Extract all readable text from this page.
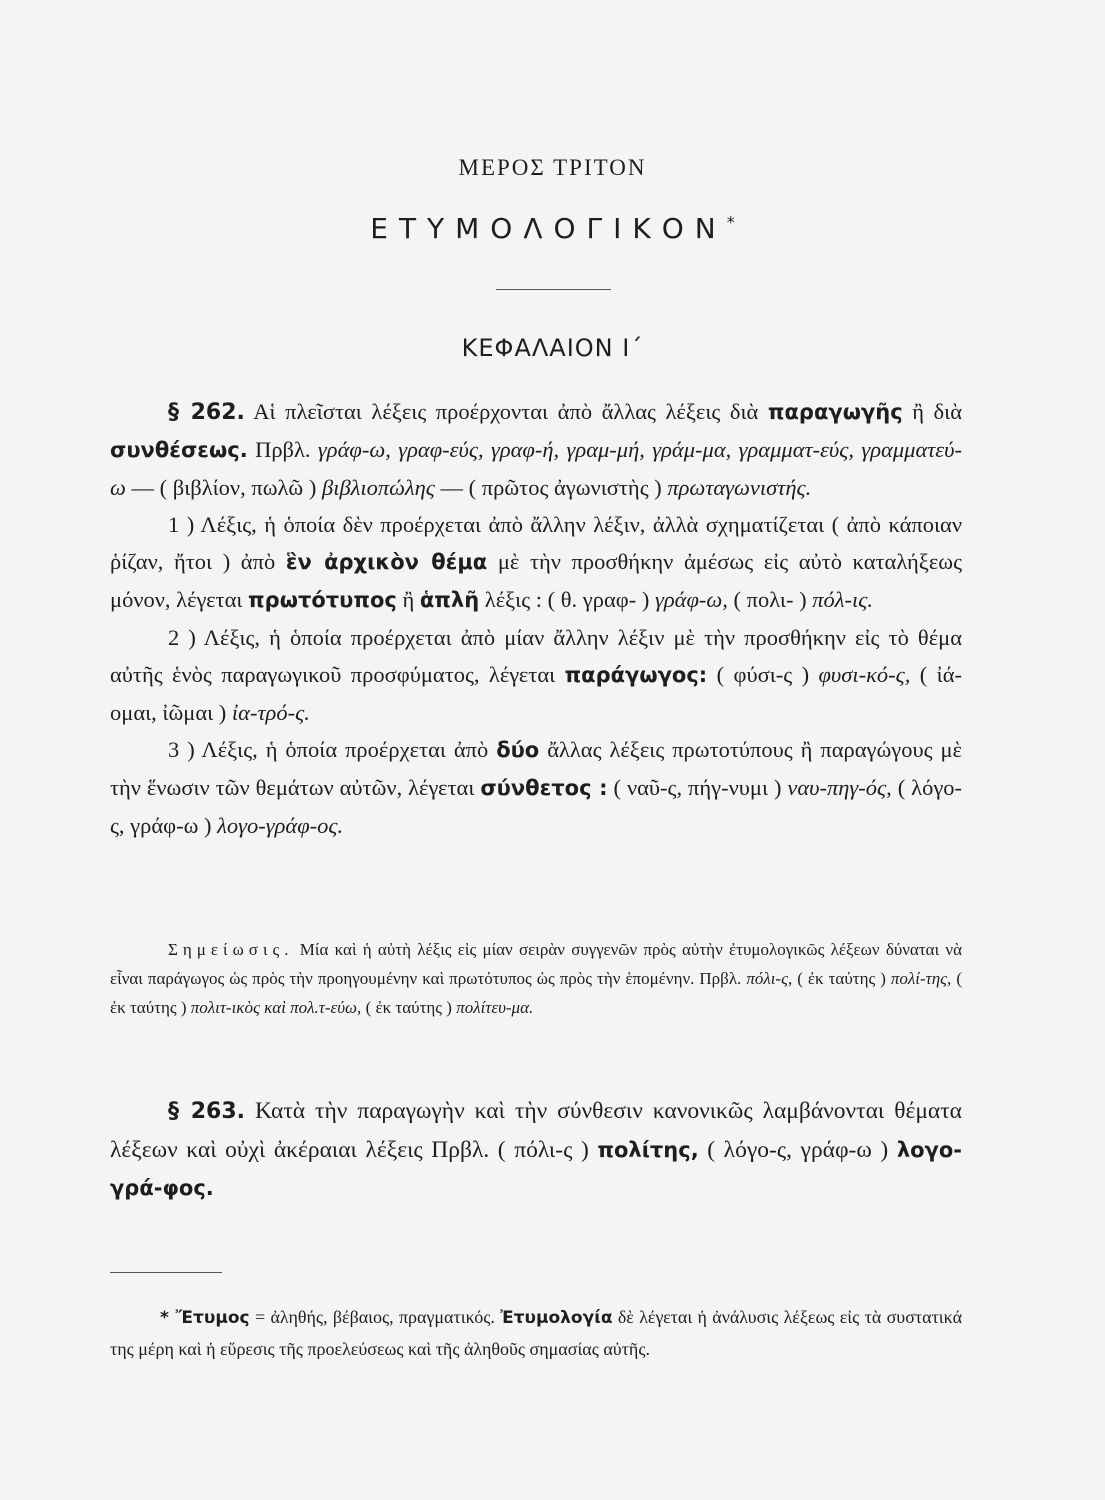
ΜΕΡΟΣ ΤΡΙΤΟΝ
ΕΤΥΜΟΛΟΓΙΚΟΝ*
ΚΕΦΑΛΑΙΟΝ Ι΄

§ 262. Αἱ πλεῖσται λέξεις προέρχονται ἀπὸ ἄλλας λέξεις διὰ παραγωγῆς ἢ διὰ συνθέσεως. Πρβλ. γράφ-ω, γραφ-εύς, γραφ-ή, γραμ-μή, γράμ-μα, γραμματ-εύς, γραμματεύ-ω — ( βιβλίον, πωλῶ ) βιβλιοπώλης — ( πρῶτος ἀγωνιστὴς ) πρωταγωνιστής.

1 ) Λέξις, ἡ ὁποία δὲν προέρχεται ἀπὸ ἄλλην λέξιν, ἀλλὰ σχηματίζεται ( ἀπὸ κάποιαν ῥίζαν, ἤτοι ) ἀπὸ ἓν ἀρχικὸν θέμα μὲ τὴν προσθήκην ἀμέσως εἰς αὐτὸ καταλήξεως μόνον, λέγεται πρωτότυπος ἢ ἁπλῆ λέξις : ( θ. γραφ- ) γράφ-ω, ( πολι- ) πόλ-ις.

2 ) Λέξις, ἡ ὁποία προέρχεται ἀπὸ μίαν ἄλλην λέξιν μὲ τὴν προσθήκην εἰς τὸ θέμα αὐτῆς ἑνὸς παραγωγικοῦ προσφύματος, λέγεται παράγωγος: ( φύσι-ς ) φυσι-κό-ς, ( ἰά-ομαι, ἰῶμαι ) ἰα-τρό-ς.

3 ) Λέξις, ἡ ὁποία προέρχεται ἀπὸ δύο ἄλλας λέξεις πρωτοτύπους ἢ παραγώγους μὲ τὴν ἕνωσιν τῶν θεμάτων αὐτῶν, λέγεται σύνθετος : ( ναῦ-ς, πήγ-νυμι ) ναυ-πηγ-ός, ( λόγο-ς, γράφ-ω ) λογο-γράφ-ος.

Σημείωσις. Μία καὶ ἡ αὐτὴ λέξις εἰς μίαν σειρὰν συγγενῶν πρὸς αὐτὴν ἐτυμολογικῶς λέξεων δύναται νὰ εἶναι παράγωγος ὡς πρὸς τὴν προηγουμένην καὶ πρωτότυπος ὡς πρὸς τὴν ἑπομένην. Πρβλ. πόλι-ς, ( ἐκ ταύτης ) πολί-της, ( ἐκ ταύτης ) πολιτ-ικὸς καὶ πολ.τ-εύω, ( ἐκ ταύτης ) πολίτευ-μα.

§ 263. Κατὰ τὴν παραγωγὴν καὶ τὴν σύνθεσιν κανονικῶς λαμβάνονται θέματα λέξεων καὶ οὐχὶ ἀκέραιαι λέξεις Πρβλ. ( πόλι-ς ) πολίτης, ( λόγο-ς, γράφ-ω ) λογο-γρά-φος.

* Ἔτυμος = ἀληθής, βέβαιος, πραγματικός. Ἐτυμολογία δὲ λέγεται ἡ ἀνάλυσις λέξεως εἰς τὰ συστατικά της μέρη καὶ ἡ εὕρεσις τῆς προελεύσεως καὶ τῆς ἀληθοῦς σημασίας αὐτῆς.
